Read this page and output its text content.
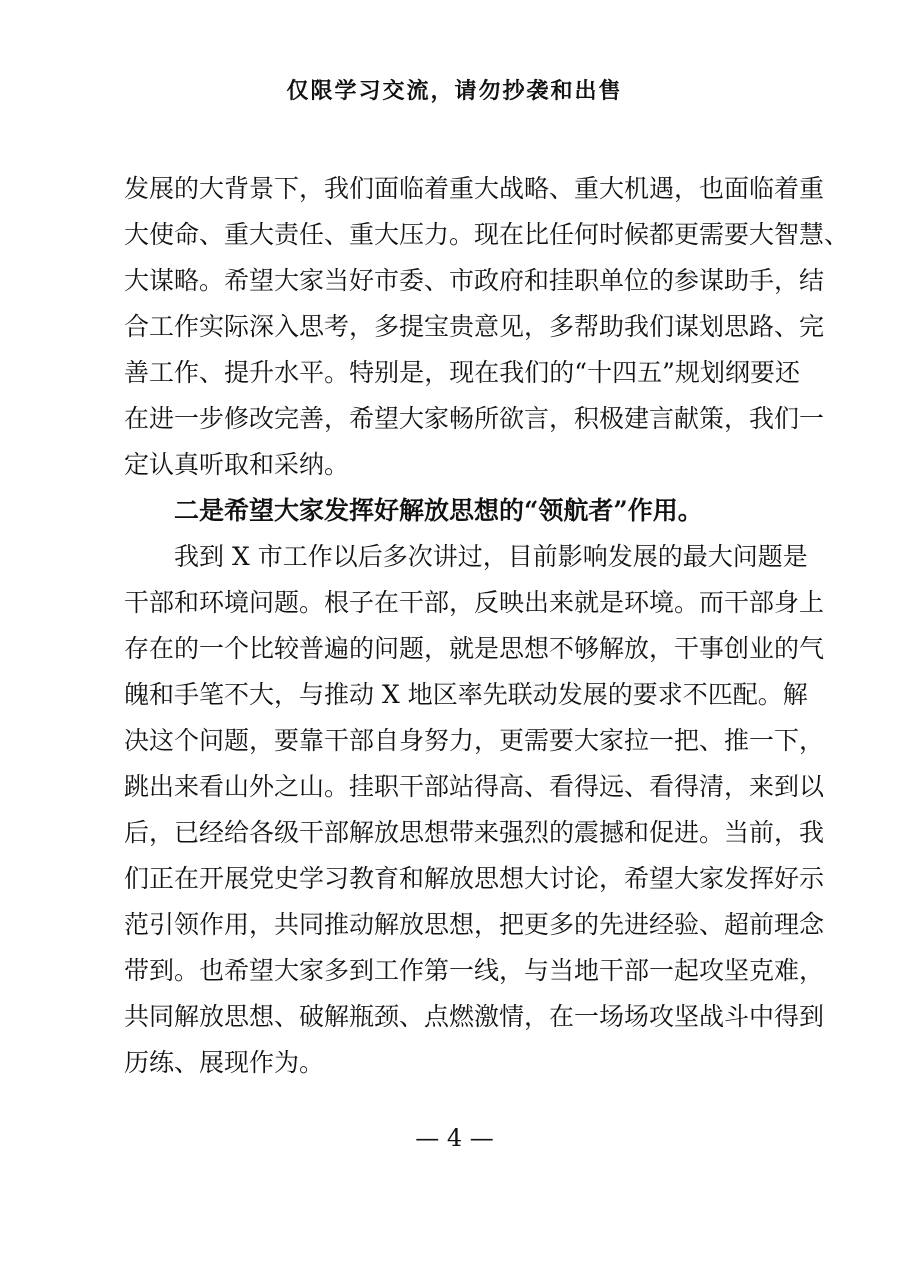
仅限学习交流，请勿抄袭和出售
发展的大背景下，我们面临着重大战略、重大机遇，也面临着重
大使命、重大责任、重大压力。现在比任何时候都更需要大智慧、
大谋略。希望大家当好市委、市政府和挂职单位的参谋助手，结
合工作实际深入思考，多提宝贵意见，多帮助我们谋划思路、完
善工作、提升水平。特别是，现在我们的“十四五”规划纲要还
在进一步修改完善，希望大家畅所欲言，积极建言献策，我们一
定认真听取和采纳。
二是希望大家发挥好解放思想的“领航者”作用。
　　我到 X 市工作以后多次讲过，目前影响发展的最大问题是
干部和环境问题。根子在干部，反映出来就是环境。而干部身上
存在的一个比较普遍的问题，就是思想不够解放，干事创业的气
魄和手笔不大，与推动 X 地区率先联动发展的要求不匹配。解
决这个问题，要靠干部自身努力，更需要大家拉一把、推一下，
跳出来看山外之山。挂职干部站得高、看得远、看得清，来到以
后，已经给各级干部解放思想带来强烈的震撼和促进。当前，我
们正在开展党史学习教育和解放思想大讨论，希望大家发挥好示
范引领作用，共同推动解放思想，把更多的先进经验、超前理念
带到。也希望大家多到工作第一线，与当地干部一起攻坚克难，
共同解放思想、破解瓶颈、点燃激情，在一场场攻坚战斗中得到
历练、展现作为。
— 4 —
